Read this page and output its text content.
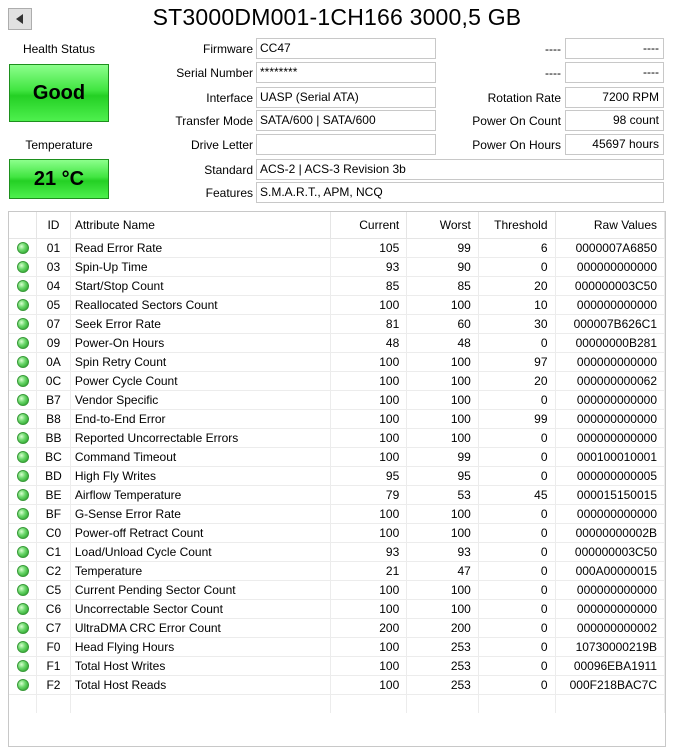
ST3000DM001-1CH166 3000,5 GB
Health Status
Good
Temperature
21 °C
Firmware CC47
Serial Number ********
Interface UASP (Serial ATA)
Transfer Mode SATA/600 | SATA/600
Drive Letter
Standard ACS-2 | ACS-3 Revision 3b
Features S.M.A.R.T., APM, NCQ
----	----
----	----
Rotation Rate	7200 RPM
Power On Count	98 count
Power On Hours	45697 hours
	ID	Attribute Name	Current	Worst	Threshold	Raw Values
	01	Read Error Rate	105	99	6	0000007A6850
	03	Spin-Up Time	93	90	0	000000000000
	04	Start/Stop Count	85	85	20	000000003C50
	05	Reallocated Sectors Count	100	100	10	000000000000
	07	Seek Error Rate	81	60	30	000007B626C1
	09	Power-On Hours	48	48	0	00000000B281
	0A	Spin Retry Count	100	100	97	000000000000
	0C	Power Cycle Count	100	100	20	000000000062
	B7	Vendor Specific	100	100	0	000000000000
	B8	End-to-End Error	100	100	99	000000000000
	BB	Reported Uncorrectable Errors	100	100	0	000000000000
	BC	Command Timeout	100	99	0	000100010001
	BD	High Fly Writes	95	95	0	000000000005
	BE	Airflow Temperature	79	53	45	000015150015
	BF	G-Sense Error Rate	100	100	0	000000000000
	C0	Power-off Retract Count	100	100	0	00000000002B
	C1	Load/Unload Cycle Count	93	93	0	000000003C50
	C2	Temperature	21	47	0	000A00000015
	C5	Current Pending Sector Count	100	100	0	000000000000
	C6	Uncorrectable Sector Count	100	100	0	000000000000
	C7	UltraDMA CRC Error Count	200	200	0	000000000002
	F0	Head Flying Hours	100	253	0	10730000219B
	F1	Total Host Writes	100	253	0	00096EBA1911
	F2	Total Host Reads	100	253	0	000F218BAC7C
